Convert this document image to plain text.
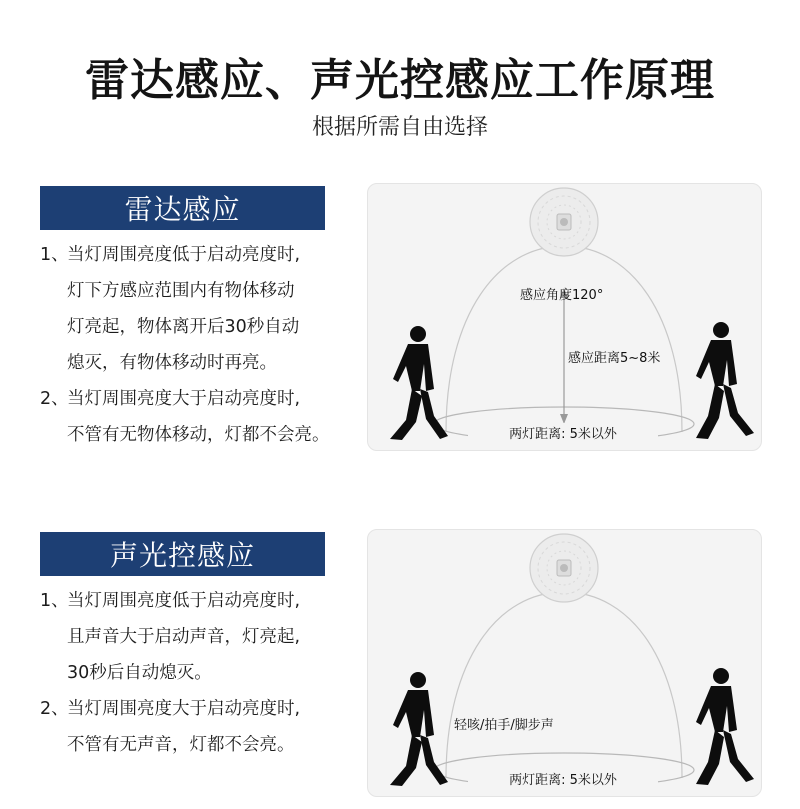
雷达感应、声光控感应工作原理
根据所需自由选择
雷达感应
1、
当灯周围亮度低于启动亮度时,
灯下方感应范围内有物体移动
灯亮起，物体离开后30秒自动
熄灭，有物体移动时再亮。
2、
当灯周围亮度大于启动亮度时,
不管有无物体移动，灯都不会亮。
感应角度120°
感应距离5~8米
两灯距离: 5米以外
声光控感应
1、
当灯周围亮度低于启动亮度时,
且声音大于启动声音，灯亮起,
30秒后自动熄灭。
2、
当灯周围亮度大于启动亮度时,
不管有无声音，灯都不会亮。
轻咳/拍手/脚步声
两灯距离: 5米以外
